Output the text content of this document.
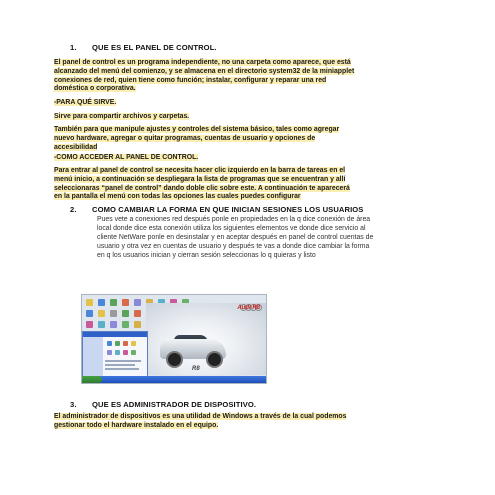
1. QUE ES EL PANEL DE CONTROL.
El panel de control es un programa independiente, no una carpeta como aparece, que está
alcanzado del menú del comienzo, y se almacena en el directorio system32 de la miniapplet
conexiones de red, quien tiene como función; instalar, configurar y reparar una red
doméstica o corporativa.
-PARA QUÉ SIRVE.
Sirve para compartir archivos y carpetas.
También para que manipule ajustes y controles del sistema básico, tales como agregar
nuevo hardware, agregar o quitar programas, cuentas de usuario y opciones de
accesibilidad
-COMO ACCEDER AL PANEL DE CONTROL.
Para entrar al panel de control se necesita hacer clic izquierdo en la barra de tareas en el
menú inicio, a continuación se despliegara la lista de programas que se encuentran y allí
seleccionaras “panel de control” dando doble clic sobre este. A continuación te aparecerá
en la pantalla el menú con todas las opciones las cuales puedes configurar
2. COMO CAMBIAR LA FORMA EN QUE INICIAN SESIONES LOS USUARIOS
Pues vete a conexiones red después ponle en propiedades en la q dice conexión de área
local donde dice esta conexión utiliza los siguientes elementos ve donde dice servicio al
cliente NetWare ponle en desinstalar y en aceptar después en panel de control cuentas de
usuario y otra vez en cuentas de usuario y después te vas a donde dice cambiar la forma
en q los usuarios inician y cierran sesión seleccionas lo q quieras y listo
Audi R8
R8
3. QUE ES ADMINISTRADOR DE DISPOSITIVO.
El administrador de dispositivos es una utilidad de Windows a través de la cual podemos
gestionar todo el hardware instalado en el equipo.
